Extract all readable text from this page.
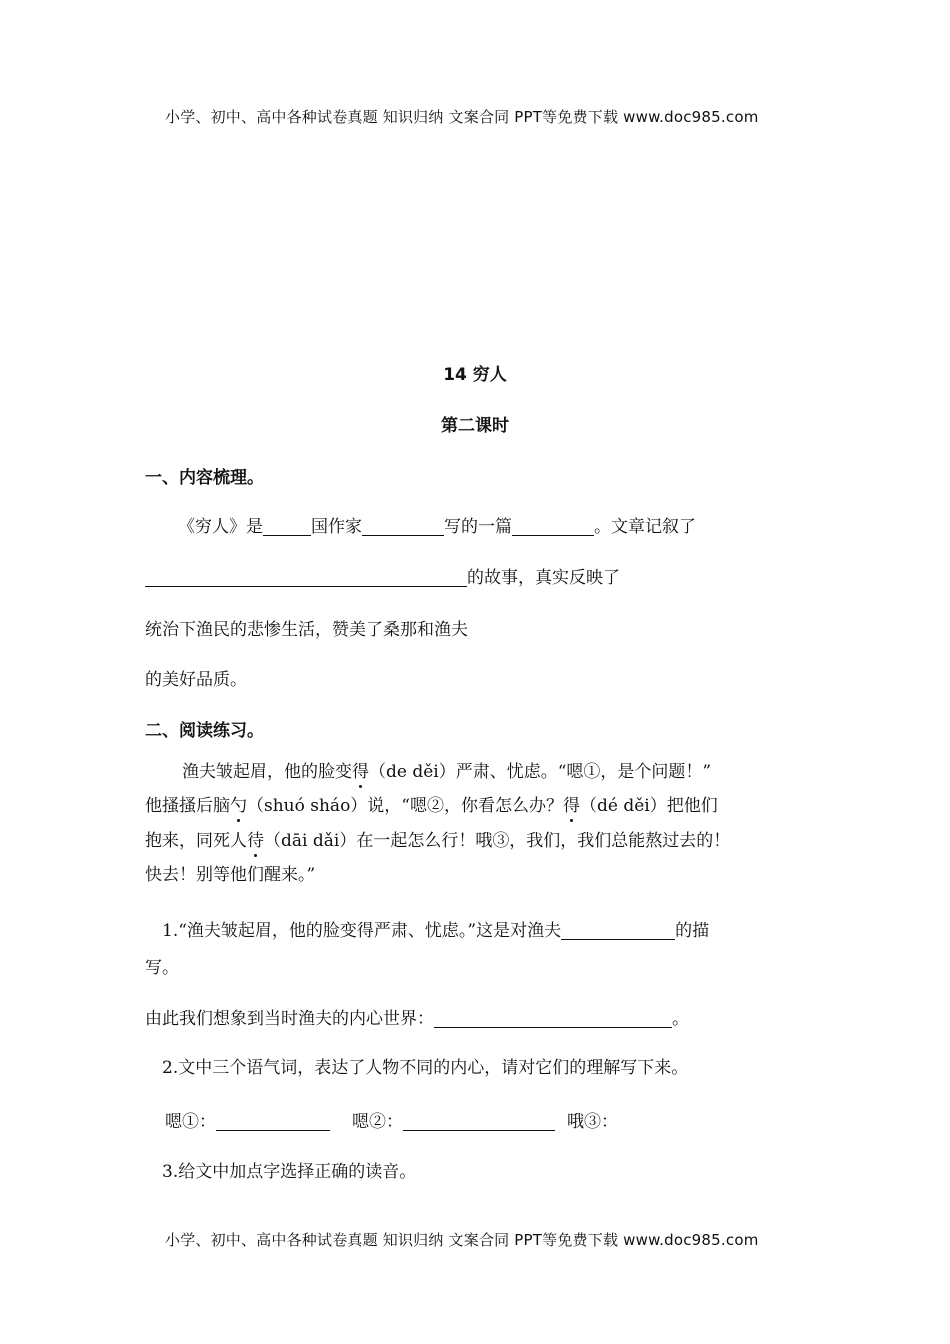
小学、初中、高中各种试卷真题 知识归纳 文案合同 PPT等免费下载 www.doc985.com
14 穷人
第二课时
一、内容梳理。
《穷人》是	国作家	写的一篇	。文章记叙了
的故事，真实反映了
统治下渔民的悲惨生活，赞美了桑那和渔夫
的美好品质。
二、阅读练习。
渔夫皱起眉，他的脸变得（de děi）严肃、忧虑。“嗯①，是个问题！”
他搔搔后脑勺（shuó sháo）说，“嗯②，你看怎么办？得（dé děi）把他们
抱来，同死人待（dāi dǎi）在一起怎么行！哦③，我们，我们总能熬过去的！
快去！别等他们醒来。”
1.“渔夫皱起眉，他的脸变得严肃、忧虑。”这是对渔夫	的描
写。
由此我们想象到当时渔夫的内心世界：	。
2.文中三个语气词，表达了人物不同的内心，请对它们的理解写下来。
嗯①：	嗯②：	哦③：
3.给文中加点字选择正确的读音。
小学、初中、高中各种试卷真题 知识归纳 文案合同 PPT等免费下载 www.doc985.com
